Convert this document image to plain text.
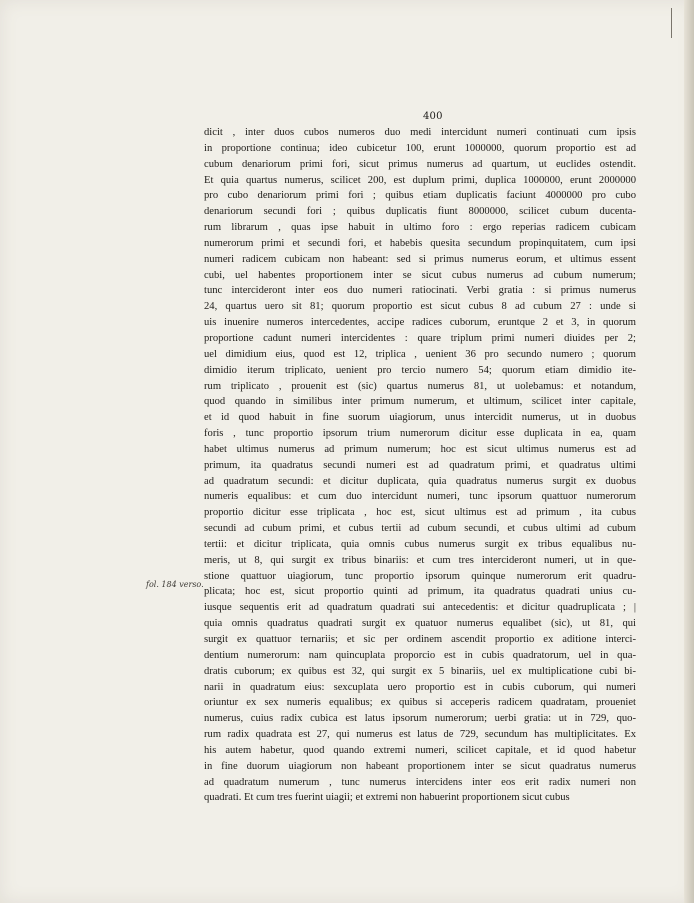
400
fol. 184 verso.
dicit , inter duos cubos numeros duo medi intercidunt numeri continuati cum ipsis
in proportione continua; ideo cubicetur 100, erunt 1000000, quorum proportio est ad
cubum denariorum primi fori, sicut primus numerus ad quartum, ut euclides ostendit.
Et quia quartus numerus, scilicet 200, est duplum primi, duplica 1000000, erunt 2000000
pro cubo denariorum primi fori ; quibus etiam duplicatis faciunt 4000000 pro cubo
denariorum secundi fori ; quibus duplicatis fiunt 8000000, scilicet cubum ducenta-
rum librarum , quas ipse habuit in ultimo foro : ergo reperias radicem cubicam
numerorum primi et secundi fori, et habebis quesita secundum propinquitatem, cum ipsi
numeri radicem cubicam non habeant: sed si primus numerus eorum, et ultimus essent
cubi, uel habentes proportionem inter se sicut cubus numerus ad cubum numerum;
tunc intercideront inter eos duo numeri ratiocinati. Verbi gratia : si primus numerus
24, quartus uero sit 81; quorum proportio est sicut cubus 8 ad cubum 27 : unde si
uis inuenire numeros intercedentes, accipe radices cuborum, eruntque 2 et 3, in quorum
proportione cadunt numeri intercidentes : quare triplum primi numeri diuides per 2;
uel dimidium eius, quod est 12, triplica , uenient 36 pro secundo numero ; quorum
dimidio iterum triplicato, uenient pro tercio numero 54; quorum etiam dimidio ite-
rum triplicato , prouenit est (sic) quartus numerus 81, ut uolebamus: et notandum,
quod quando in similibus inter primum numerum, et ultimum, scilicet inter capitale,
et id quod habuit in fine suorum uiagiorum, unus intercidit numerus, ut in duobus
foris , tunc proportio ipsorum trium numerorum dicitur esse duplicata in ea, quam
habet ultimus numerus ad primum numerum; hoc est sicut ultimus numerus est ad
primum, ita quadratus secundi numeri est ad quadratum primi, et quadratus ultimi
ad quadratum secundi: et dicitur duplicata, quia quadratus numerus surgit ex duobus
numeris equalibus: et cum duo intercidunt numeri, tunc ipsorum quattuor numerorum
proportio dicitur esse triplicata , hoc est, sicut ultimus est ad primum , ita cubus
secundi ad cubum primi, et cubus tertii ad cubum secundi, et cubus ultimi ad cubum
tertii: et dicitur triplicata, quia omnis cubus numerus surgit ex tribus equalibus nu-
meris, ut 8, qui surgit ex tribus binariis: et cum tres intercideront numeri, ut in que-
stione quattuor uiagiorum, tunc proportio ipsorum quinque numerorum erit quadru-
plicata; hoc est, sicut proportio quinti ad primum, ita quadratus quadrati unius cu-
iusque sequentis erit ad quadratum quadrati sui antecedentis: et dicitur quadruplicata ; |
quia omnis quadratus quadrati surgit ex quatuor numerus equalibet (sic), ut 81, qui
surgit ex quattuor ternariis; et sic per ordinem ascendit proportio ex aditione interci-
dentium numerorum: nam quincuplata proporcio est in cubis quadratorum, uel in qua-
dratis cuborum; ex quibus est 32, qui surgit ex 5 binariis, uel ex multiplicatione cubi bi-
narii in quadratum eius: sexcuplata uero proportio est in cubis cuborum, qui numeri
oriuntur ex sex numeris equalibus; ex quibus si acceperis radicem quadratam, proueniet
numerus, cuius radix cubica est latus ipsorum numerorum; uerbi gratia: ut in 729, quo-
rum radix quadrata est 27, qui numerus est latus de 729, secundum has multiplicitates. Ex
his autem habetur, quod quando extremi numeri, scilicet capitale, et id quod habetur
in fine duorum uiagiorum non habeant proportionem inter se sicut quadratus numerus
ad quadratum numerum , tunc numerus intercidens inter eos erit radix numeri non
quadrati. Et cum tres fuerint uiagii; et extremi non habuerint proportionem sicut cubus
